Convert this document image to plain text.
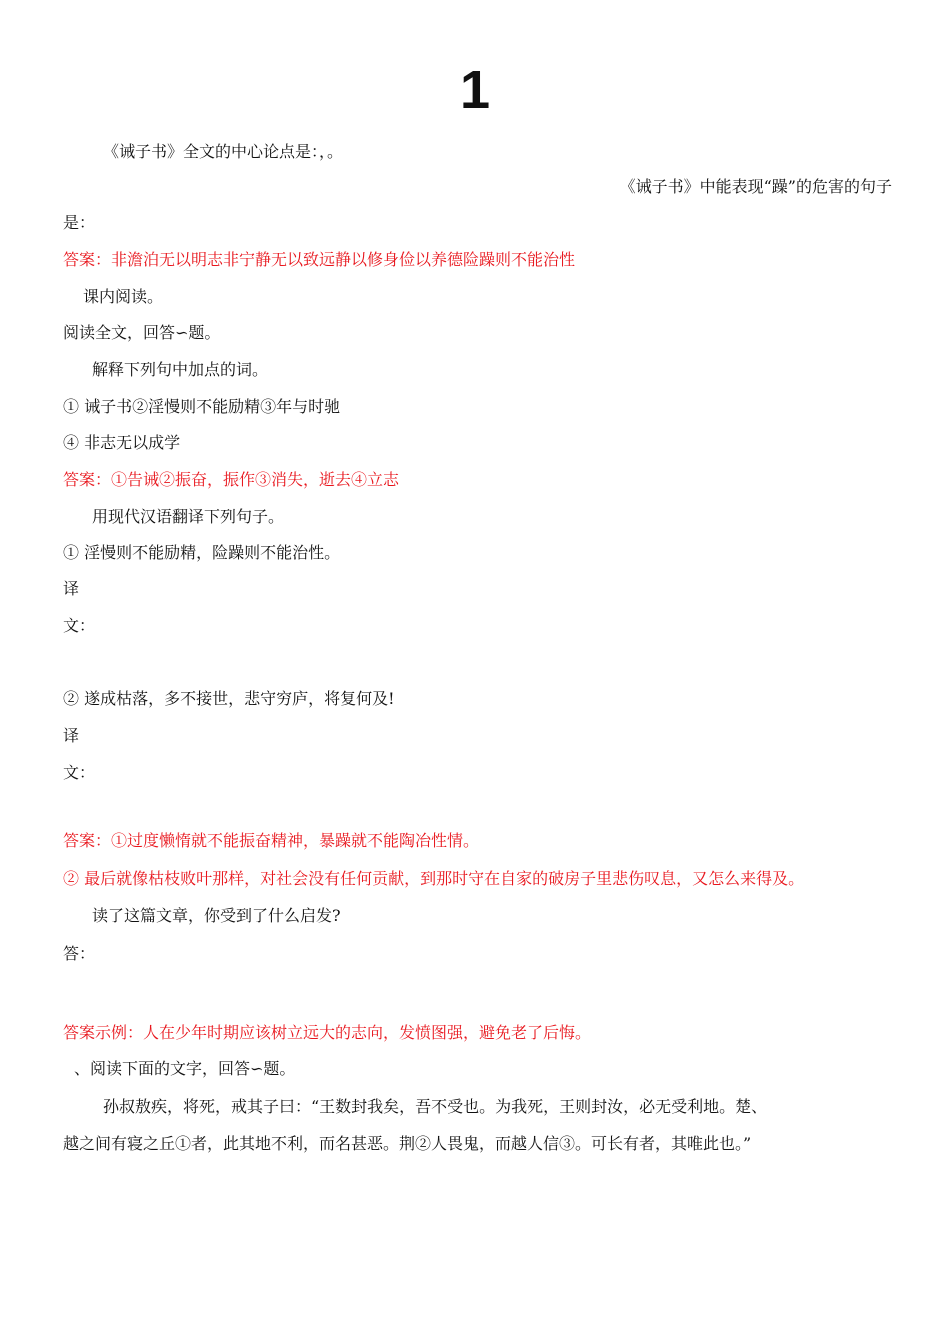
1
《诫子书》全文的中心论点是：，。
《诫子书》中能表现“躁”的危害的句子
是：
答案：非澹泊无以明志非宁静无以致远静以修身俭以养德险躁则不能治性
课内阅读。
阅读全文，回答∽题。
解释下列句中加点的词。
① 诫子书②淫慢则不能励精③年与时驰
④ 非志无以成学
答案：①告诫②振奋，振作③消失，逝去④立志
用现代汉语翻译下列句子。
① 淫慢则不能励精，险躁则不能治性。
译
文：
② 遂成枯落，多不接世，悲守穷庐，将复何及!
译
文：
答案：①过度懒惰就不能振奋精神，暴躁就不能陶冶性情。
② 最后就像枯枝败叶那样，对社会没有任何贡献，到那时守在自家的破房子里悲伤叹息，又怎么来得及。
读了这篇文章，你受到了什么启发?
答：
答案示例：人在少年时期应该树立远大的志向，发愤图强，避免老了后悔。
、阅读下面的文字，回答∽题。
孙叔敖疾，将死，戒其子曰：“王数封我矣，吾不受也。为我死，王则封汝，必无受利地。楚、
越之间有寝之丘①者，此其地不利，而名甚恶。荆②人畏鬼，而越人信③。可长有者，其唯此也。”
